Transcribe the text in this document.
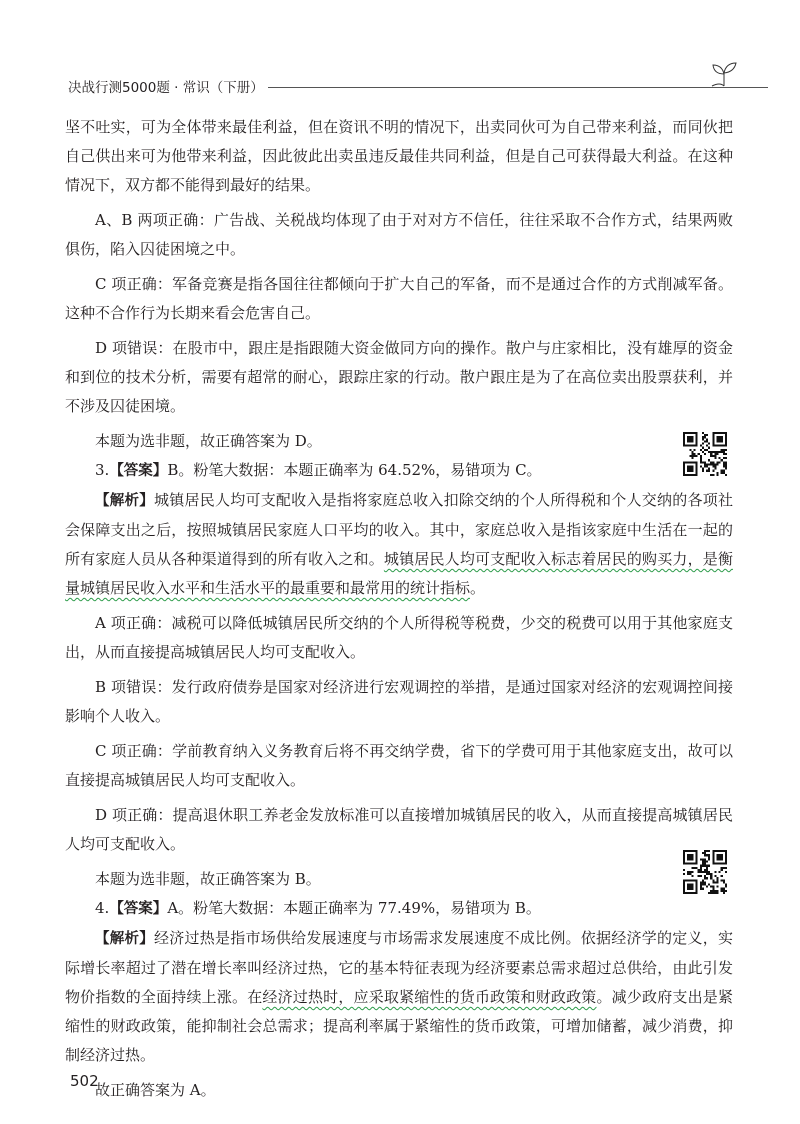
决战行测5000题 · 常识（下册）

坚不吐实，可为全体带来最佳利益，但在资讯不明的情况下，出卖同伙可为自己带来利益，而同伙把自己供出来可为他带来利益，因此彼此出卖虽违反最佳共同利益，但是自己可获得最大利益。在这种情况下，双方都不能得到最好的结果。

A、B 两项正确：广告战、关税战均体现了由于对对方不信任，往往采取不合作方式，结果两败俱伤，陷入囚徒困境之中。

C 项正确：军备竞赛是指各国往往都倾向于扩大自己的军备，而不是通过合作的方式削减军备。这种不合作行为长期来看会危害自己。

D 项错误：在股市中，跟庄是指跟随大资金做同方向的操作。散户与庄家相比，没有雄厚的资金和到位的技术分析，需要有超常的耐心，跟踪庄家的行动。散户跟庄是为了在高位卖出股票获利，并不涉及囚徒困境。

本题为选非题，故正确答案为 D。

3.【答案】B。粉笔大数据：本题正确率为 64.52%，易错项为 C。

【解析】城镇居民人均可支配收入是指将家庭总收入扣除交纳的个人所得税和个人交纳的各项社会保障支出之后，按照城镇居民家庭人口平均的收入。其中，家庭总收入是指该家庭中生活在一起的所有家庭人员从各种渠道得到的所有收入之和。城镇居民人均可支配收入标志着居民的购买力，是衡量城镇居民收入水平和生活水平的最重要和最常用的统计指标。

A 项正确：减税可以降低城镇居民所交纳的个人所得税等税费，少交的税费可以用于其他家庭支出，从而直接提高城镇居民人均可支配收入。

B 项错误：发行政府债券是国家对经济进行宏观调控的举措，是通过国家对经济的宏观调控间接影响个人收入。

C 项正确：学前教育纳入义务教育后将不再交纳学费，省下的学费可用于其他家庭支出，故可以直接提高城镇居民人均可支配收入。

D 项正确：提高退休职工养老金发放标准可以直接增加城镇居民的收入，从而直接提高城镇居民人均可支配收入。

本题为选非题，故正确答案为 B。

4.【答案】A。粉笔大数据：本题正确率为 77.49%，易错项为 B。

【解析】经济过热是指市场供给发展速度与市场需求发展速度不成比例。依据经济学的定义，实际增长率超过了潜在增长率叫经济过热，它的基本特征表现为经济要素总需求超过总供给，由此引发物价指数的全面持续上涨。在经济过热时，应采取紧缩性的货币政策和财政政策。减少政府支出是紧缩性的财政政策，能抑制社会总需求；提高利率属于紧缩性的货币政策，可增加储蓄，减少消费，抑制经济过热。

故正确答案为 A。

502
